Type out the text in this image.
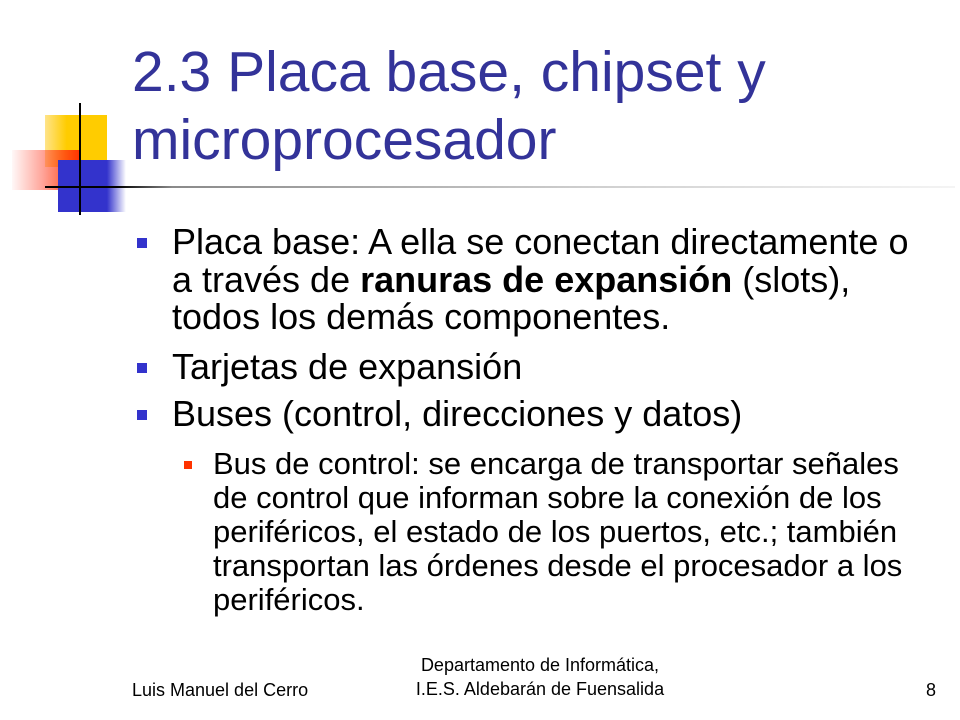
2.3 Placa base, chipset y
microprocesador
Placa base: A ella se conectan directamente o
a través de ranuras de expansión (slots),
todos los demás componentes.
Tarjetas de expansión
Buses (control, direcciones y datos)
Bus de control: se encarga de transportar señales
de control que informan sobre la conexión de los
periféricos, el estado de los puertos, etc.; también
transportan las órdenes desde el procesador a los
periféricos.
Luis Manuel del Cerro
Departamento de Informática,
I.E.S. Aldebarán de Fuensalida	8
